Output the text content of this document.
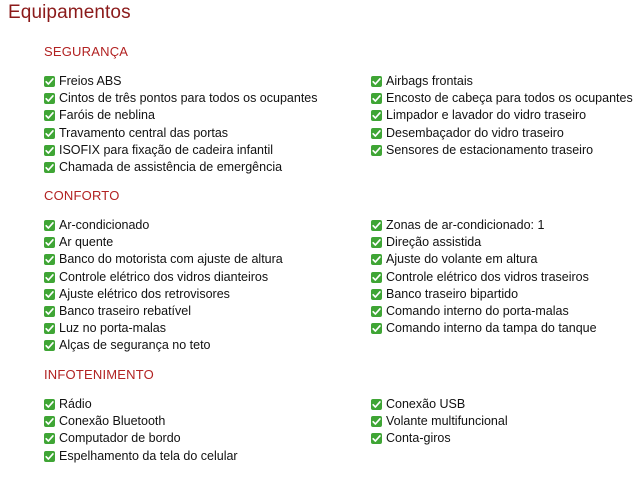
Equipamentos
SEGURANÇA
Freios ABS
Cintos de três pontos para todos os ocupantes
Faróis de neblina
Travamento central das portas
ISOFIX para fixação de cadeira infantil
Chamada de assistência de emergência
Airbags frontais
Encosto de cabeça para todos os ocupantes
Limpador e lavador do vidro traseiro
Desembaçador do vidro traseiro
Sensores de estacionamento traseiro
CONFORTO
Ar-condicionado
Ar quente
Banco do motorista com ajuste de altura
Controle elétrico dos vidros dianteiros
Ajuste elétrico dos retrovisores
Banco traseiro rebatível
Luz no porta-malas
Alças de segurança no teto
Zonas de ar-condicionado: 1
Direção assistida
Ajuste do volante em altura
Controle elétrico dos vidros traseiros
Banco traseiro bipartido
Comando interno do porta-malas
Comando interno da tampa do tanque
INFOTENIMENTO
Rádio
Conexão Bluetooth
Computador de bordo
Espelhamento da tela do celular
Conexão USB
Volante multifuncional
Conta-giros
